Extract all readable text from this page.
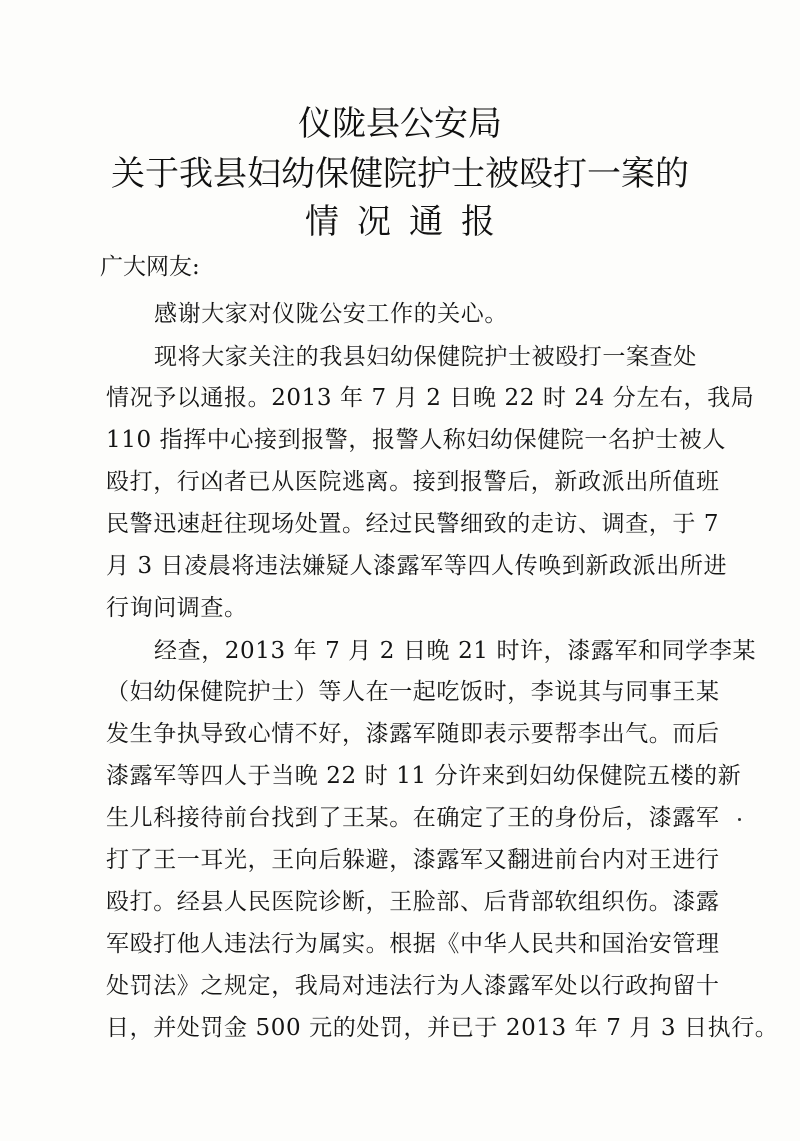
仪陇县公安局
关于我县妇幼保健院护士被殴打一案的
情况通报
广大网友:
感谢大家对仪陇公安工作的关心。
现将大家关注的我县妇幼保健院护士被殴打一案查处
情况予以通报。2013 年 7 月 2 日晚 22 时 24 分左右，我局
110 指挥中心接到报警，报警人称妇幼保健院一名护士被人
殴打，行凶者已从医院逃离。接到报警后，新政派出所值班
民警迅速赶往现场处置。经过民警细致的走访、调查，于 7
月 3 日凌晨将违法嫌疑人漆露军等四人传唤到新政派出所进
行询问调查。
经查，2013 年 7 月 2 日晚 21 时许，漆露军和同学李某
（妇幼保健院护士）等人在一起吃饭时，李说其与同事王某
发生争执导致心情不好，漆露军随即表示要帮李出气。而后
漆露军等四人于当晚 22 时 11 分许来到妇幼保健院五楼的新
生儿科接待前台找到了王某。在确定了王的身份后，漆露军
打了王一耳光，王向后躲避，漆露军又翻进前台内对王进行
殴打。经县人民医院诊断，王脸部、后背部软组织伤。漆露
军殴打他人违法行为属实。根据《中华人民共和国治安管理
处罚法》之规定，我局对违法行为人漆露军处以行政拘留十
日，并处罚金 500 元的处罚，并已于 2013 年 7 月 3 日执行。
